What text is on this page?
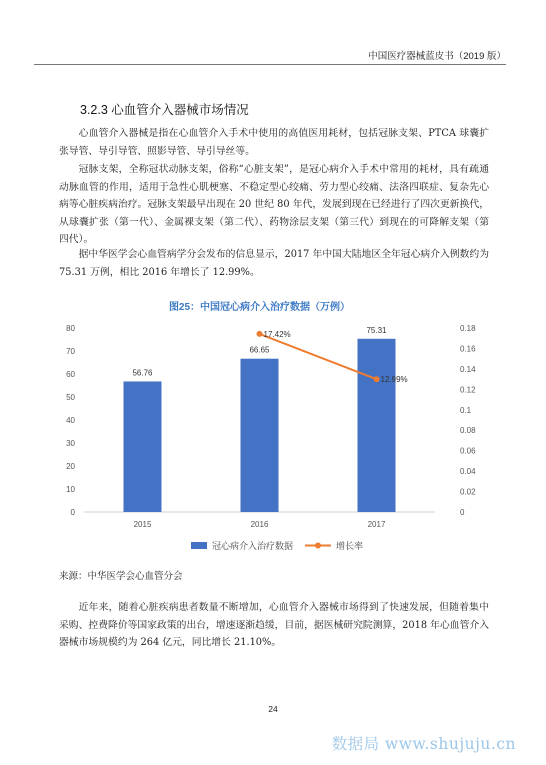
中国医疗器械蓝皮书（2019 版）
3.2.3 心血管介入器械市场情况

心血管介入器械是指在心血管介入手术中使用的高值医用耗材，包括冠脉支架、PTCA 球囊扩张导管、导引导管、照影导管、导引导丝等。

冠脉支架，全称冠状动脉支架，俗称“心脏支架”，是冠心病介入手术中常用的耗材，具有疏通动脉血管的作用，适用于急性心肌梗塞、不稳定型心绞痛、劳力型心绞痛、法洛四联症、复杂先心病等心脏疾病治疗。冠脉支架最早出现在 20 世纪 80 年代，发展到现在已经进行了四次更新换代，从球囊扩张（第一代）、金属裸支架（第二代）、药物涂层支架（第三代）到现在的可降解支架（第四代）。

据中华医学会心血管病学分会发布的信息显示，2017 年中国大陆地区全年冠心病介入例数约为 75.31 万例，相比 2016 年增长了 12.99%。

图25：中国冠心病介入治疗数据（万例）
0
10
20
30
40
50
60
70
80
0
0.02
0.04
0.06
0.08
0.1
0.12
0.14
0.16
0.18
56.76
66.65
75.31
2015	2016	2017
17.42%
12.99%
冠心病介入治疗数据	增长率
来源：中华医学会心血管分会

近年来，随着心脏疾病患者数量不断增加，心血管介入器械市场得到了快速发展，但随着集中采购、控费降价等国家政策的出台，增速逐渐趋缓，目前，据医械研究院测算，2018 年心血管介入器械市场规模约为 264 亿元，同比增长 21.10%。

24
数据局 www.shujuju.cn
